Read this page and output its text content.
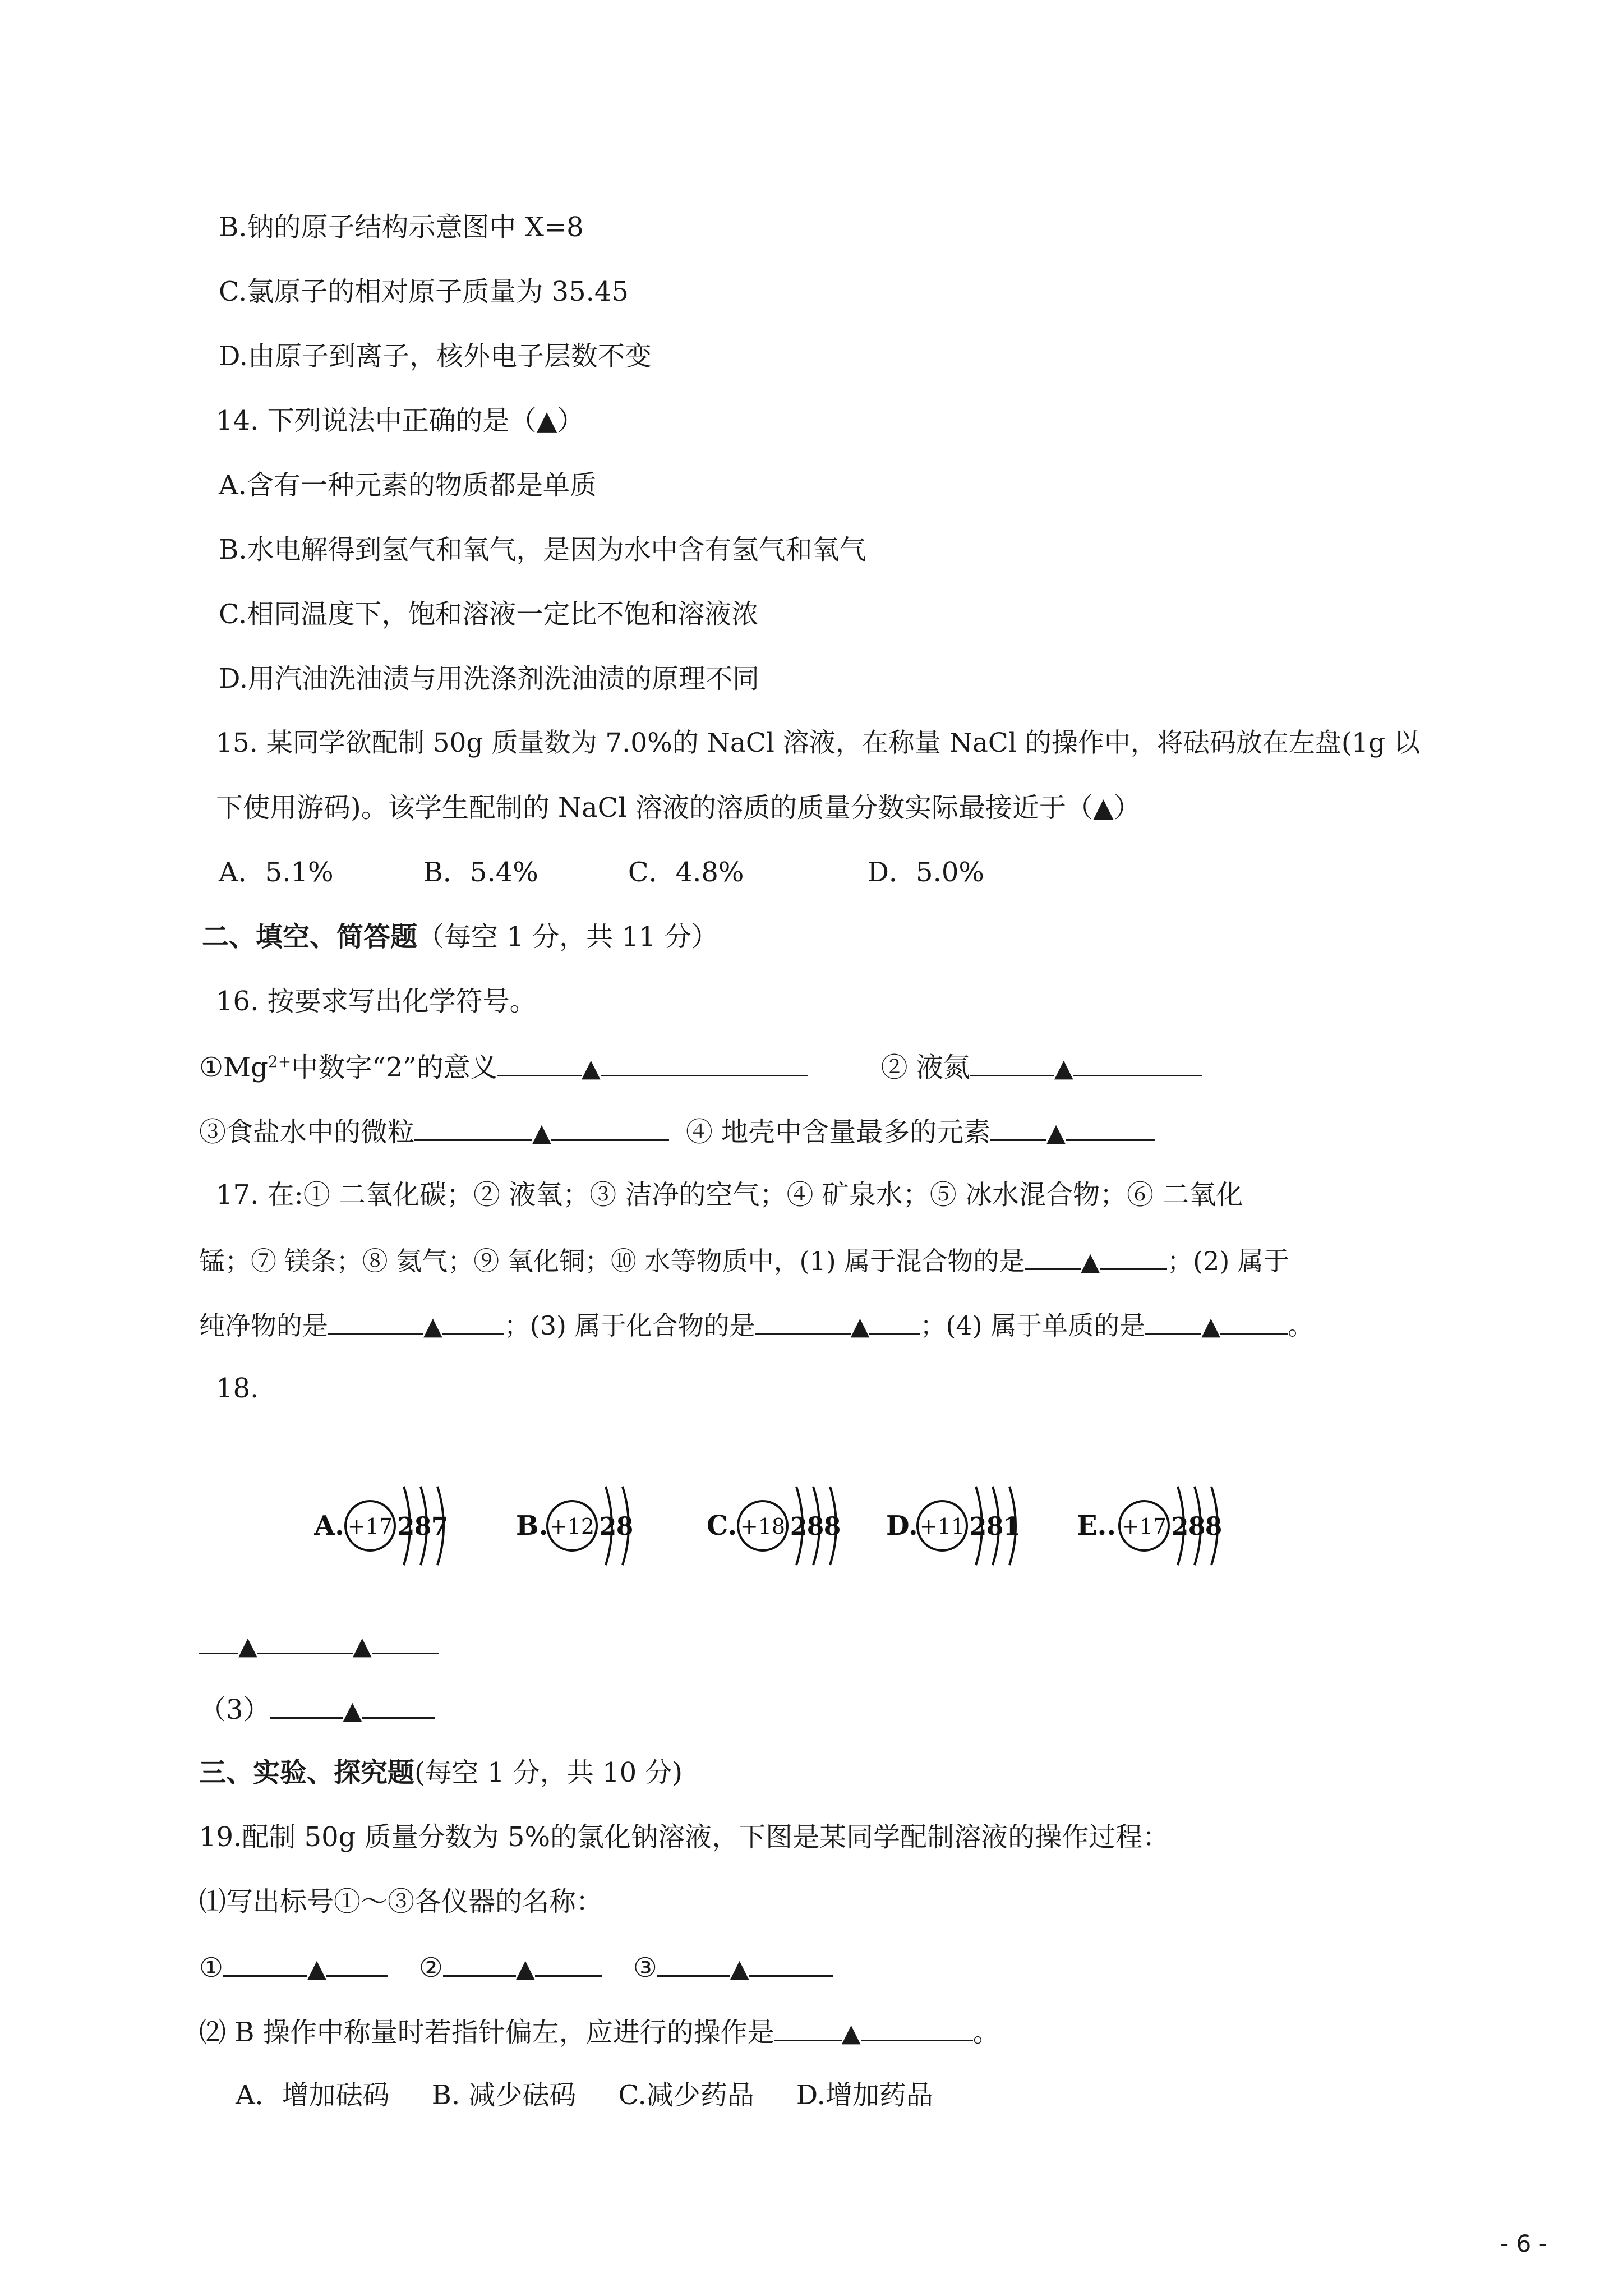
B.钠的原子结构示意图中 X=8
C.氯原子的相对原子质量为 35.45
D.由原子到离子，核外电子层数不变
14. 下列说法中正确的是（▲）
A.含有一种元素的物质都是单质
B.水电解得到氢气和氧气，是因为水中含有氢气和氧气
C.相同温度下，饱和溶液一定比不饱和溶液浓
D.用汽油洗油渍与用洗涤剂洗油渍的原理不同
15. 某同学欲配制 50g 质量数为 7.0%的 NaCl 溶液，在称量 NaCl 的操作中，将砝码放在左盘(1g 以
下使用游码)。该学生配制的 NaCl 溶液的溶质的质量分数实际最接近于（▲）
A．5.1%	B．5.4%	C．4.8%	D．5.0%
二、填空、简答题（每空 1 分，共 11 分）
16. 按要求写出化学符号。
$①Mg^{2+}$中数字“2”的意义	▲	② 液氮	▲
③食盐水中的微粒	▲	④ 地壳中含量最多的元素 ▲
17. 在:① 二氧化碳；② 液氧；③ 洁净的空气；④ 矿泉水；⑤ 冰水混合物；⑥ 二氧化
锰；⑦ 镁条；⑧ 氦气；⑨ 氧化铜；⑩ 水等物质中，(1) 属于混合物的是 ▲	；(2) 属于
纯净物的是	▲ ；(3) 属于化合物的是	▲ ；(4) 属于单质的是 ▲	。
18.
A. +17 2 8 7	B. +12 2 8	C. +18 2 8 8 D. +11 2 8 1 E.. +17 2 8 8
▲	▲
（3）	▲
三、实验、探究题(每空 1 分，共 10 分)
19.配制 50g 质量分数为 5%的氯化钠溶液，下图是某同学配制溶液的操作过程：
⑴写出标号①～③各仪器的名称：
①	▲	②	▲	③	▲
⑵ B 操作中称量时若指针偏左，应进行的操作是	▲	。
A．增加砝码 B. 减少砝码 C.减少药品 D.增加药品
- 6 -
